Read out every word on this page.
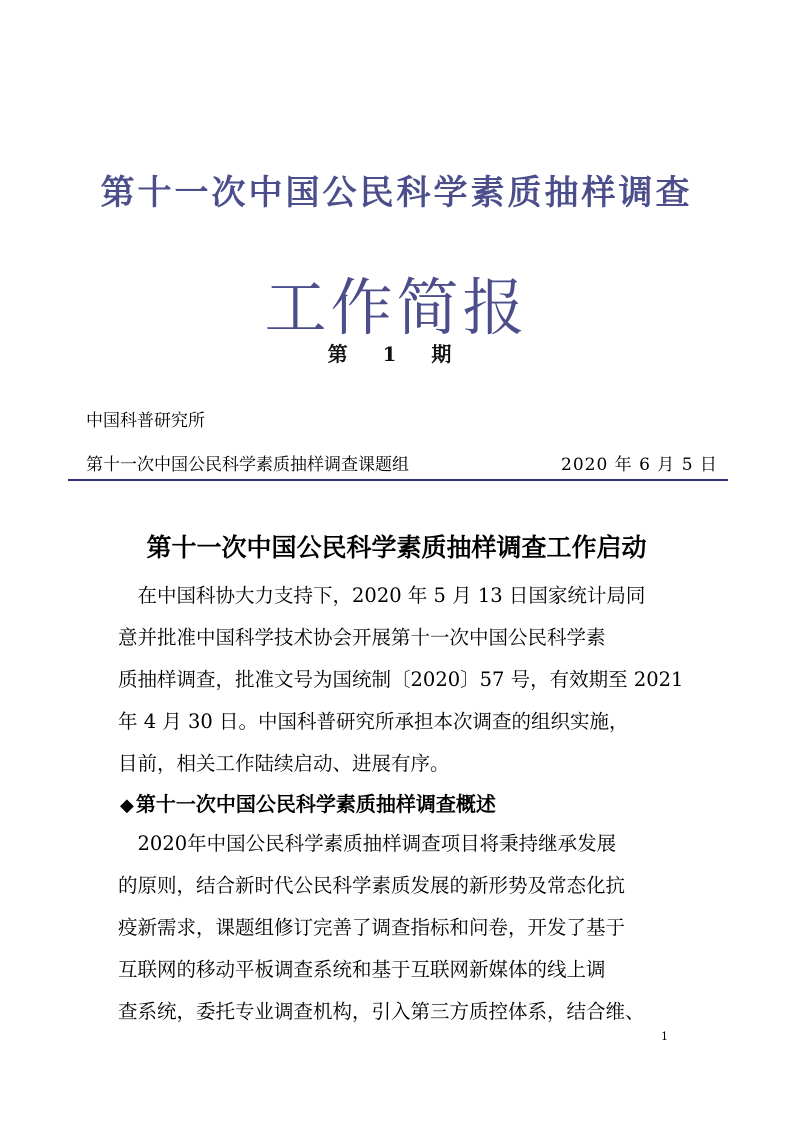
第十一次中国公民科学素质抽样调查
工作简报
第 1 期
中国科普研究所
第十一次中国公民科学素质抽样调查课题组	2020 年 6 月 5 日
第十一次中国公民科学素质抽样调查工作启动
　在中国科协大力支持下，2020 年 5 月 13 日国家统计局同
意并批准中国科学技术协会开展第十一次中国公民科学素
质抽样调查，批准文号为国统制〔2020〕57 号，有效期至 2021
年 4 月 30 日。中国科普研究所承担本次调查的组织实施，
目前，相关工作陆续启动、进展有序。
◆ 第十一次中国公民科学素质抽样调查概述
　2020年中国公民科学素质抽样调查项目将秉持继承发展
的原则，结合新时代公民科学素质发展的新形势及常态化抗
疫新需求，课题组修订完善了调查指标和问卷，开发了基于
互联网的移动平板调查系统和基于互联网新媒体的线上调
查系统，委托专业调查机构，引入第三方质控体系，结合维、
1
